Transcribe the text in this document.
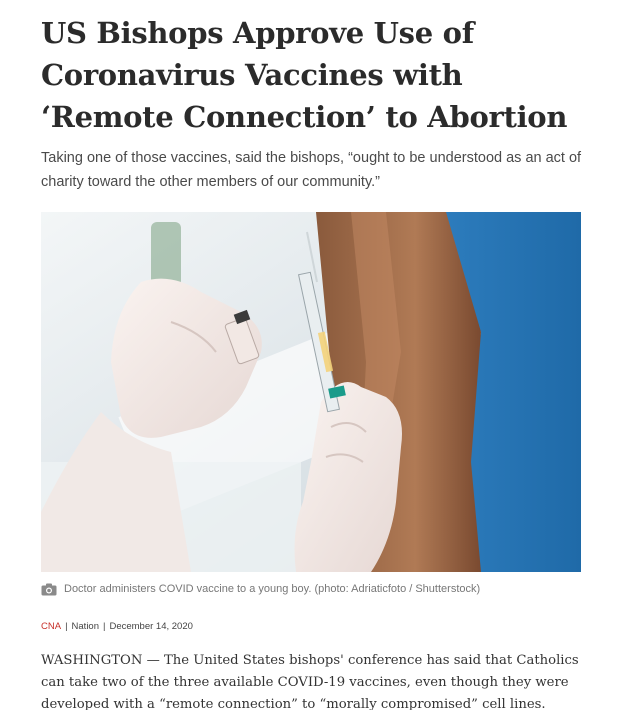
US Bishops Approve Use of Coronavirus Vaccines with ‘Remote Connection’ to Abortion

Taking one of those vaccines, said the bishops, “ought to be understood as an act of charity toward the other members of our community.”

Doctor administers COVID vaccine to a young boy. (photo: Adriaticfoto / Shutterstock)
CNA | Nation | December 14, 2020

WASHINGTON — The United States bishops' conference has said that Catholics can take two of the three available COVID-19 vaccines, even though they were developed with a “remote connection” to “morally compromised” cell lines.
